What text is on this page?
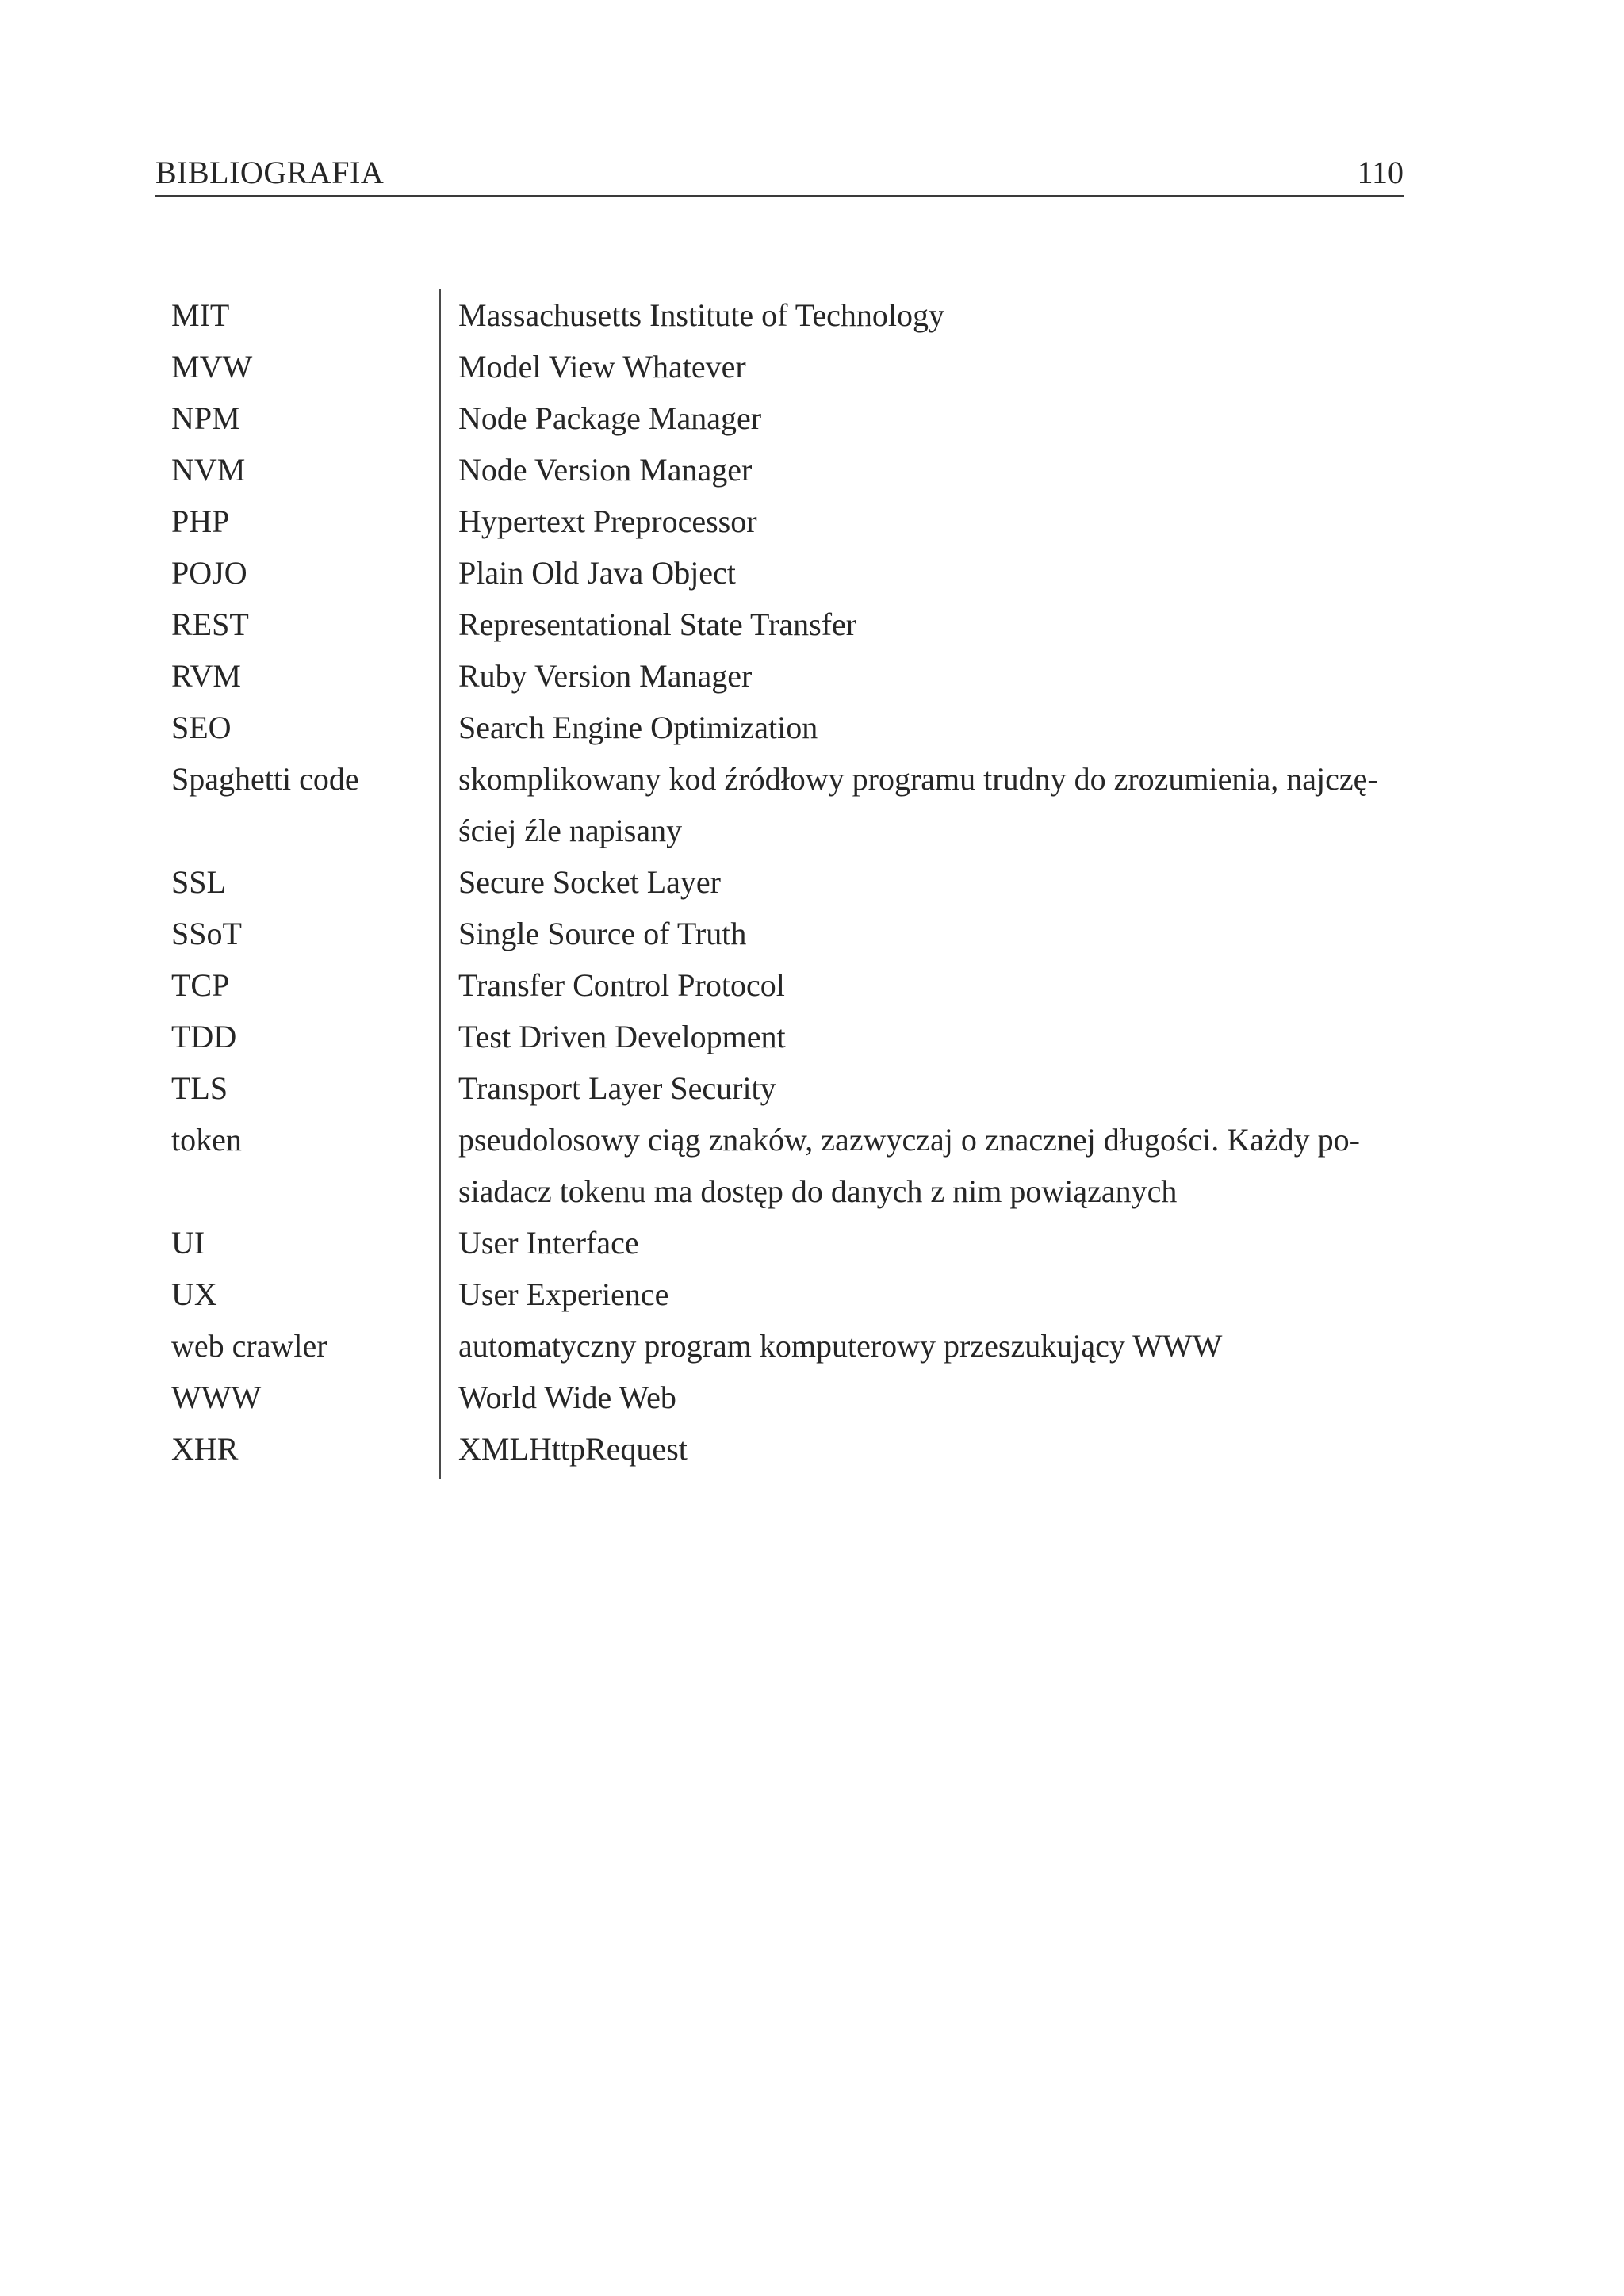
BIBLIOGRAFIA	110
MIT	Massachusetts Institute of Technology
MVW	Model View Whatever
NPM	Node Package Manager
NVM	Node Version Manager
PHP	Hypertext Preprocessor
POJO	Plain Old Java Object
REST	Representational State Transfer
RVM	Ruby Version Manager
SEO	Search Engine Optimization
Spaghetti code	skomplikowany kod źródłowy programu trudny do zrozumienia, najczę-
ściej źle napisany
SSL	Secure Socket Layer
SSoT	Single Source of Truth
TCP	Transfer Control Protocol
TDD	Test Driven Development
TLS	Transport Layer Security
token	pseudolosowy ciąg znaków, zazwyczaj o znacznej długości. Każdy po-
siadacz tokenu ma dostęp do danych z nim powiązanych
UI	User Interface
UX	User Experience
web crawler	automatyczny program komputerowy przeszukujący WWW
WWW	World Wide Web
XHR	XMLHttpRequest
